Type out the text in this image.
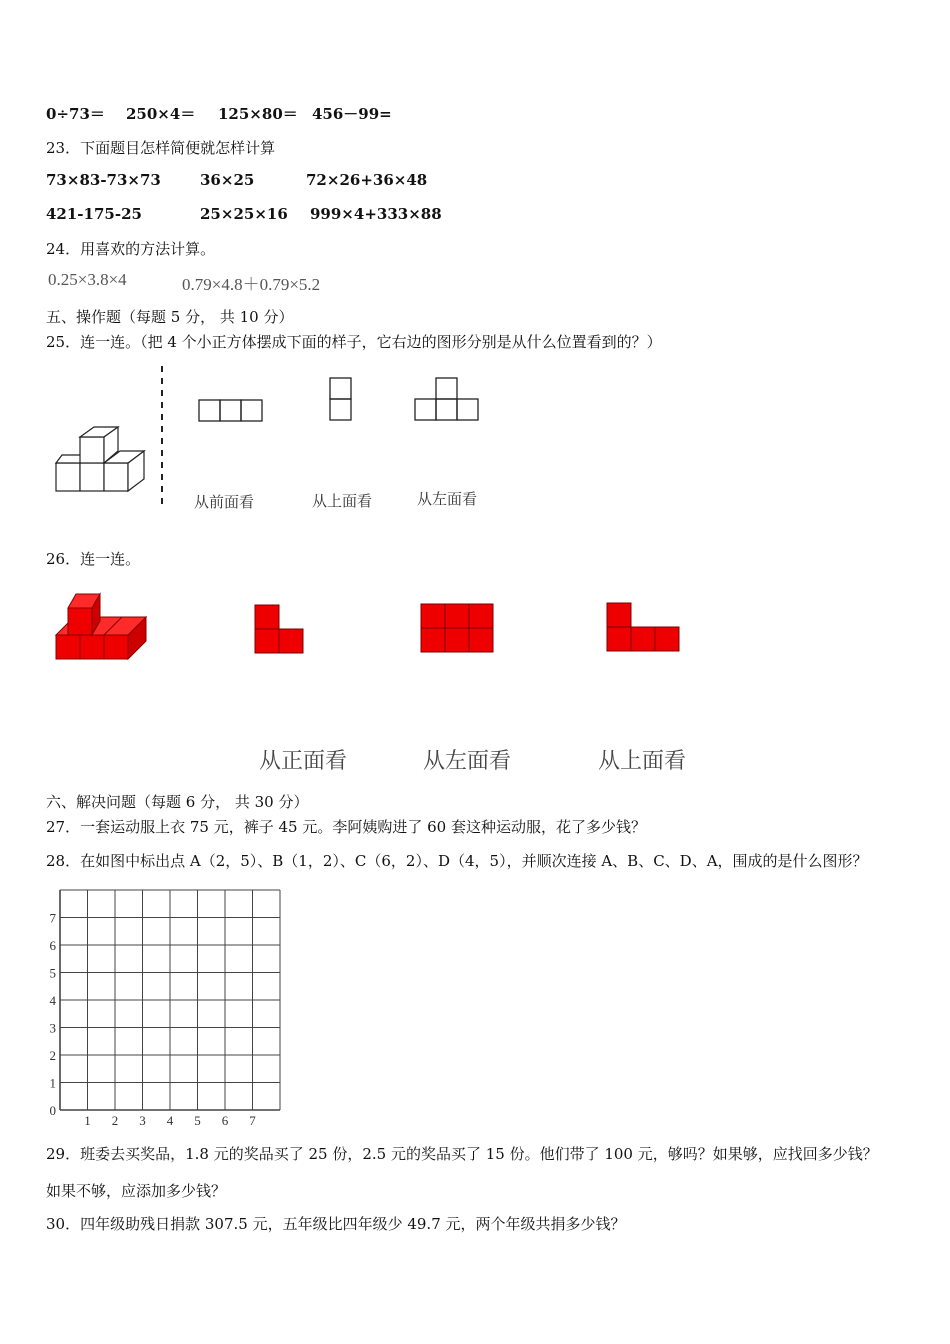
0÷73＝ 250×4＝ 125×80＝ 456－99=
23．下面题目怎样简便就怎样计算
73×83-73×73	36×25	72×26+36×48
421-175-25	25×25×16 999×4+333×88
24．用喜欢的方法计算。
0.25×3.8×4	0.79×4.8＋0.79×5.2
五、操作题（每题 5 分， 共 10 分）
25．连一连。（把 4 个小正方体摆成下面的样子，它右边的图形分别是从什么位置看到的？）
从前面看	从上面看	从左面看
26．连一连。
从正面看	从左面看	从上面看
六、解决问题（每题 6 分， 共 30 分）
27．一套运动服上衣 75 元，裤子 45 元。李阿姨购进了 60 套这种运动服，花了多少钱？
28．在如图中标出点 A（2，5）、B（1，2）、C（6，2）、D（4，5），并顺次连接 A、B、C、D、A，围成的是什么图形？
1 2 3 4 5 6 7
0
1
2
3
4
5
6
7
29．班委去买奖品，1.8 元的奖品买了 25 份，2.5 元的奖品买了 15 份。他们带了 100 元，够吗？如果够，应找回多少钱？
如果不够，应添加多少钱？
30．四年级助残日捐款 307.5 元，五年级比四年级少 49.7 元，两个年级共捐多少钱？
